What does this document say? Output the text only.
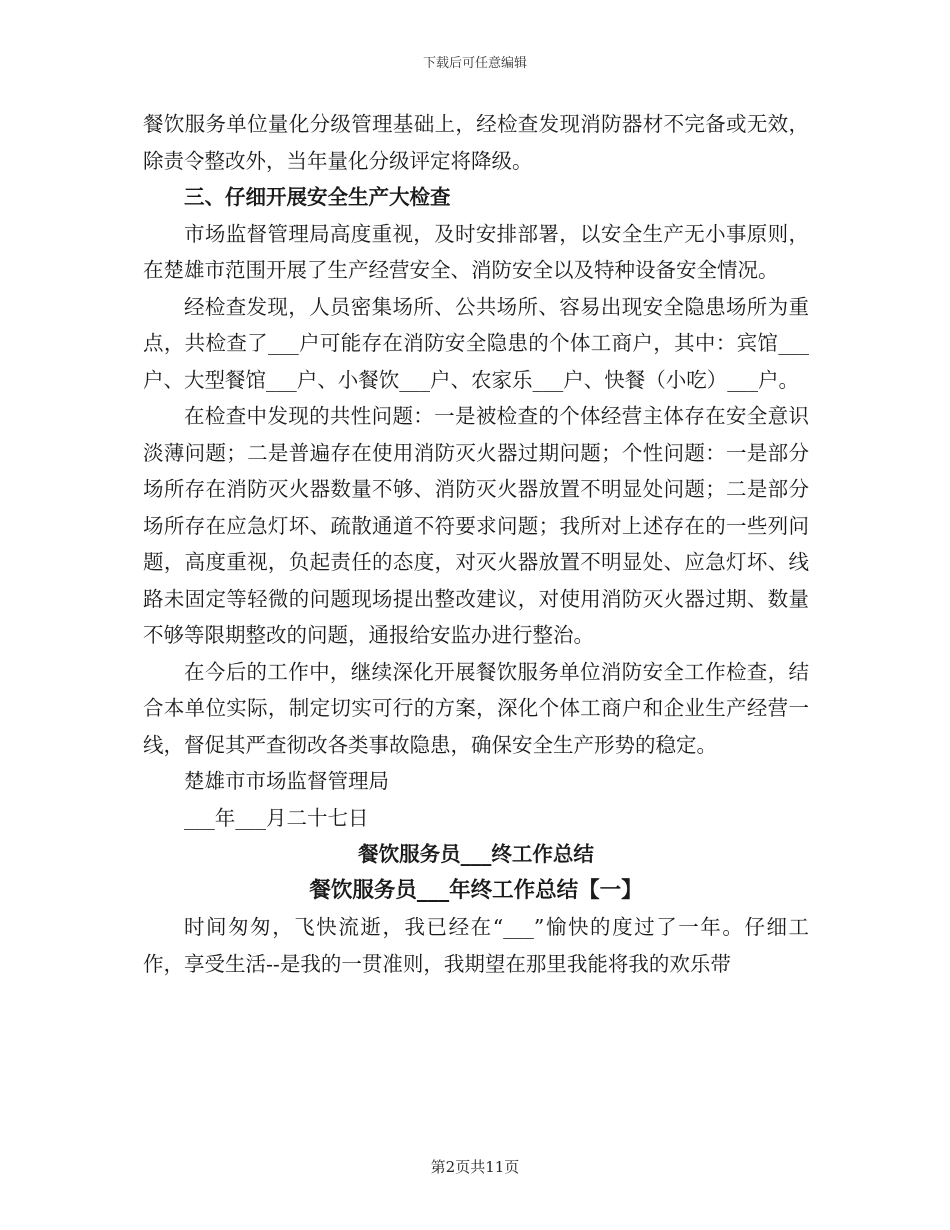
下载后可任意编辑

餐饮服务单位量化分级管理基础上，经检查发现消防器材不完备或无效，除责令整改外，当年量化分级评定将降级。

三、仔细开展安全生产大检查

市场监督管理局高度重视，及时安排部署，以安全生产无小事原则，在楚雄市范围开展了生产经营安全、消防安全以及特种设备安全情况。

经检查发现，人员密集场所、公共场所、容易出现安全隐患场所为重点，共检查了___户可能存在消防安全隐患的个体工商户，其中：宾馆___户、大型餐馆___户、小餐饮___户、农家乐___户、快餐（小吃）___户。

在检查中发现的共性问题：一是被检查的个体经营主体存在安全意识淡薄问题；二是普遍存在使用消防灭火器过期问题；个性问题：一是部分场所存在消防灭火器数量不够、消防灭火器放置不明显处问题；二是部分场所存在应急灯坏、疏散通道不符要求问题；我所对上述存在的一些列问题，高度重视，负起责任的态度，对灭火器放置不明显处、应急灯坏、线路未固定等轻微的问题现场提出整改建议，对使用消防灭火器过期、数量不够等限期整改的问题，通报给安监办进行整治。

在今后的工作中，继续深化开展餐饮服务单位消防安全工作检查，结合本单位实际，制定切实可行的方案，深化个体工商户和企业生产经营一线，督促其严查彻改各类事故隐患，确保安全生产形势的稳定。

楚雄市市场监督管理局

___年___月二十七日

餐饮服务员___终工作总结

餐饮服务员___年终工作总结【一】

时间匆匆，飞快流逝，我已经在“___”愉快的度过了一年。仔细工作，享受生活--是我的一贯准则，我期望在那里我能将我的欢乐带

第2页共11页
